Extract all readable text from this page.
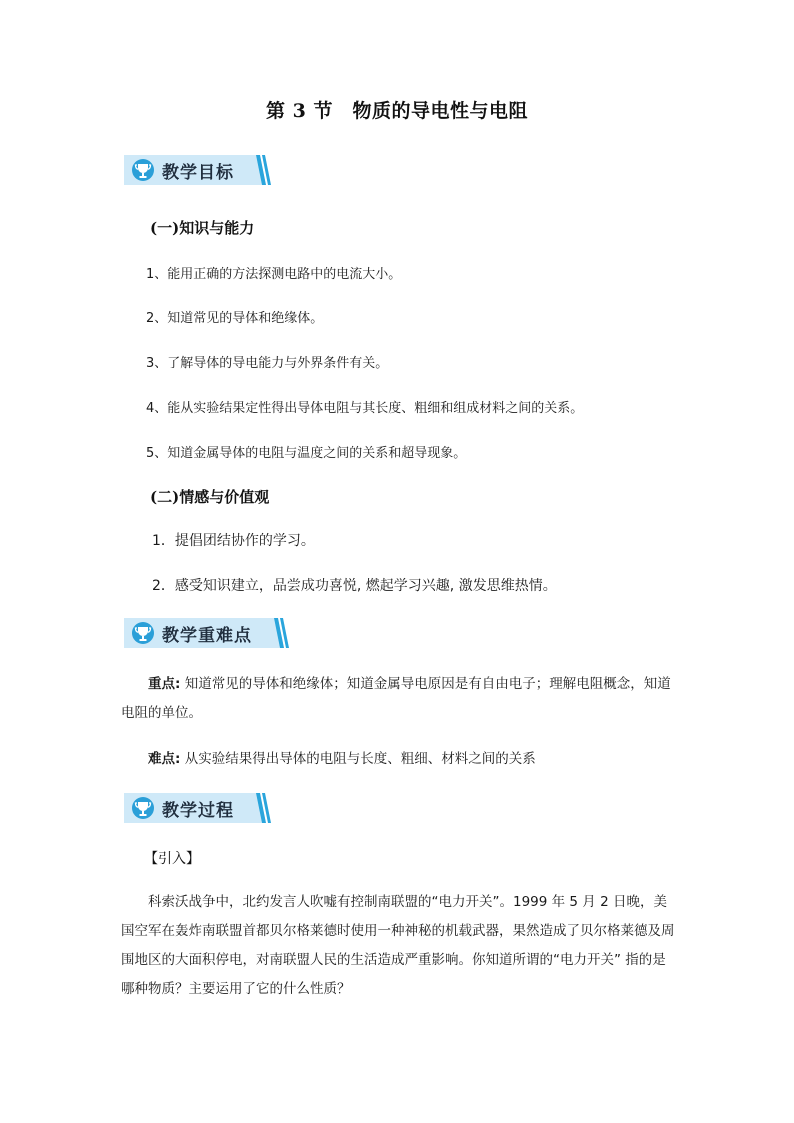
第 3 节　物质的导电性与电阻
教学目标
(一)知识与能力
1、能用正确的方法探测电路中的电流大小。
2、知道常见的导体和绝缘体。
3、了解导体的导电能力与外界条件有关。
4、能从实验结果定性得出导体电阻与其长度、粗细和组成材料之间的关系。
5、知道金属导体的电阻与温度之间的关系和超导现象。
(二)情感与价值观
1．提倡团结协作的学习。
2．感受知识建立，品尝成功喜悦, 燃起学习兴趣, 激发思维热情。
教学重难点
重点: 知道常见的导体和绝缘体；知道金属导电原因是有自由电子；理解电阻概念，知道电阻的单位。
难点: 从实验结果得出导体的电阻与长度、粗细、材料之间的关系
教学过程
【引入】
科索沃战争中，北约发言人吹嘘有控制南联盟的“电力开关”。1999 年 5 月 2 日晚，美国空军在轰炸南联盟首都贝尔格莱德时使用一种神秘的机载武器，果然造成了贝尔格莱德及周围地区的大面积停电，对南联盟人民的生活造成严重影响。你知道所谓的“电力开关” 指的是哪种物质？主要运用了它的什么性质？
